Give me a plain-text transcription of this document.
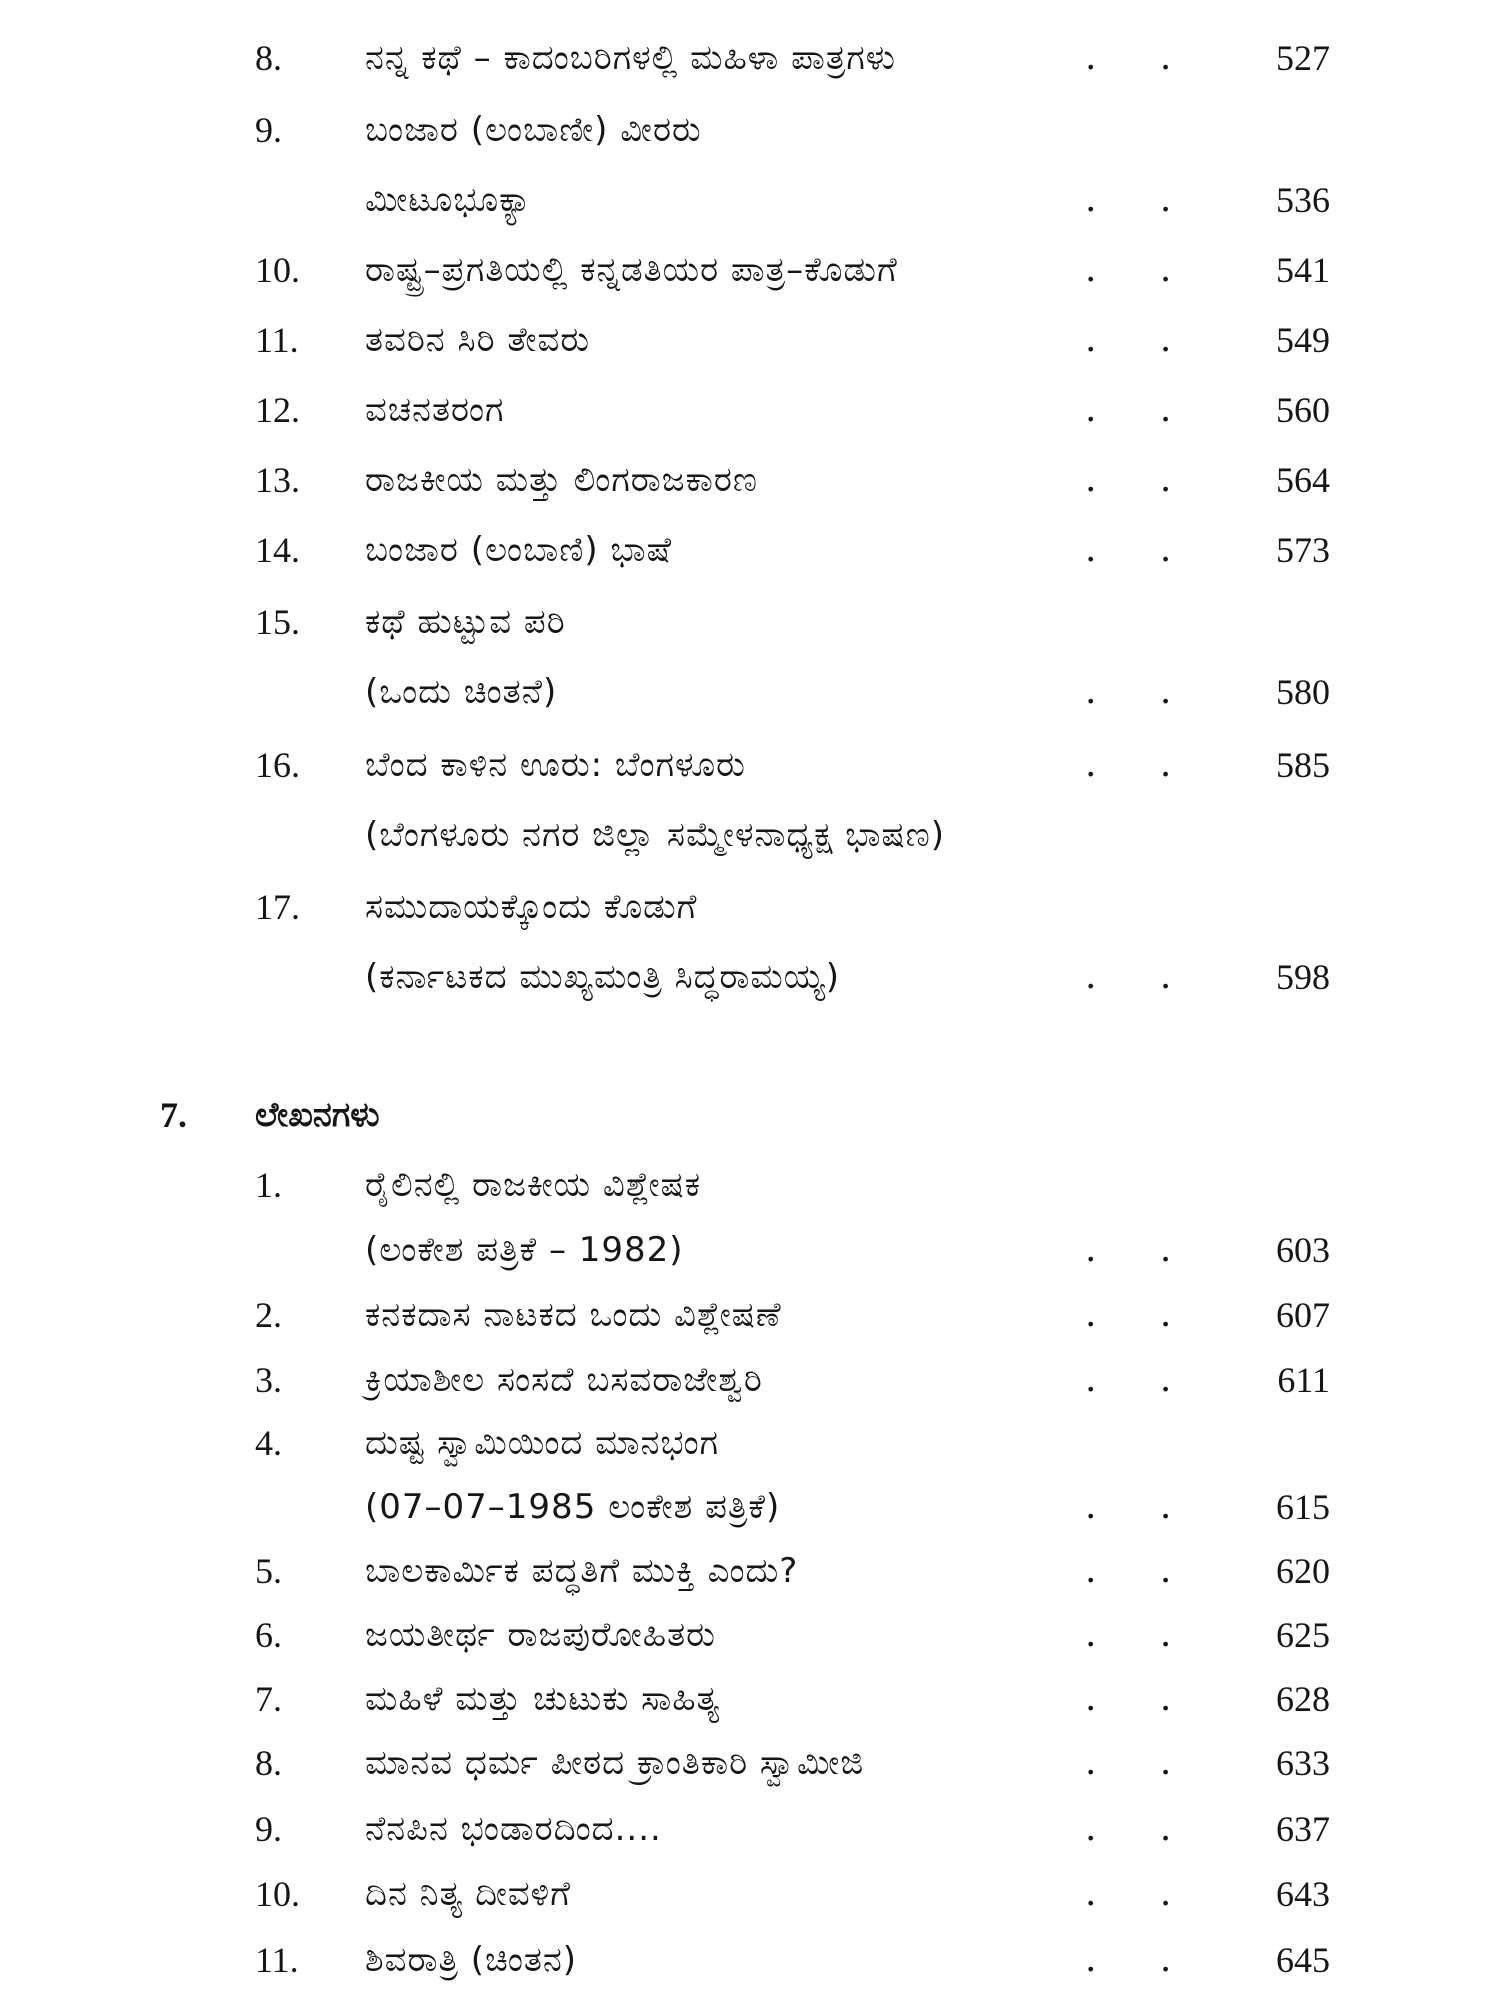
8. ನನ್ನ ಕಥೆ – ಕಾದಂಬರಿಗಳಲ್ಲಿ ಮಹಿಳಾ ಪಾತ್ರಗಳು	. . 527
9. ಬಂಜಾರ (ಲಂಬಾಣೀ) ವೀರರು
ಮೀಟೂಭೂಕ್ಯಾ	. . 536
10. ರಾಷ್ಟ್ರ–ಪ್ರಗತಿಯಲ್ಲಿ ಕನ್ನಡತಿಯರ ಪಾತ್ರ–ಕೊಡುಗೆ	. . 541
11. ತವರಿನ ಸಿರಿ ತೇವರು	. . 549
12. ವಚನತರಂಗ	. . 560
13. ರಾಜಕೀಯ ಮತ್ತು ಲಿಂಗರಾಜಕಾರಣ	. . 564
14. ಬಂಜಾರ (ಲಂಬಾಣಿ) ಭಾಷೆ	. . 573
15. ಕಥೆ ಹುಟ್ಟುವ ಪರಿ
(ಒಂದು ಚಿಂತನೆ)	. . 580
16. ಬೆಂದ ಕಾಳಿನ ಊರು: ಬೆಂಗಳೂರು	. . 585
(ಬೆಂಗಳೂರು ನಗರ ಜಿಲ್ಲಾ ಸಮ್ಮೇಳನಾಧ್ಯಕ್ಷ ಭಾಷಣ)
17. ಸಮುದಾಯಕ್ಕೊಂದು ಕೊಡುಗೆ
(ಕರ್ನಾಟಕದ ಮುಖ್ಯಮಂತ್ರಿ ಸಿದ್ಧರಾಮಯ್ಯ)	. . 598
7. ಲೇಖನಗಳು
1. ರೈಲಿನಲ್ಲಿ ರಾಜಕೀಯ ವಿಶ್ಲೇಷಕ
(ಲಂಕೇಶ ಪತ್ರಿಕೆ – 1982)	. . 603
2. ಕನಕದಾಸ ನಾಟಕದ ಒಂದು ವಿಶ್ಲೇಷಣೆ	. . 607
3. ಕ್ರಿಯಾಶೀಲ ಸಂಸದೆ ಬಸವರಾಜೇಶ್ವರಿ	. . 611
4. ದುಷ್ಟ ಸ್ವಾಮಿಯಿಂದ ಮಾನಭಂಗ
(07–07–1985 ಲಂಕೇಶ ಪತ್ರಿಕೆ)	. . 615
5. ಬಾಲಕಾರ್ಮಿಕ ಪದ್ಧತಿಗೆ ಮುಕ್ತಿ ಎಂದು?	. . 620
6. ಜಯತೀರ್ಥ ರಾಜಪುರೋಹಿತರು	. . 625
7. ಮಹಿಳೆ ಮತ್ತು ಚುಟುಕು ಸಾಹಿತ್ಯ	. . 628
8. ಮಾನವ ಧರ್ಮ ಪೀಠದ ಕ್ರಾಂತಿಕಾರಿ ಸ್ವಾಮೀಜಿ	. . 633
9. ನೆನಪಿನ ಭಂಡಾರದಿಂದ....	. . 637
10. ದಿನ ನಿತ್ಯ ದೀವಳಿಗೆ	. . 643
11. ಶಿವರಾತ್ರಿ (ಚಿಂತನ)	. . 645
